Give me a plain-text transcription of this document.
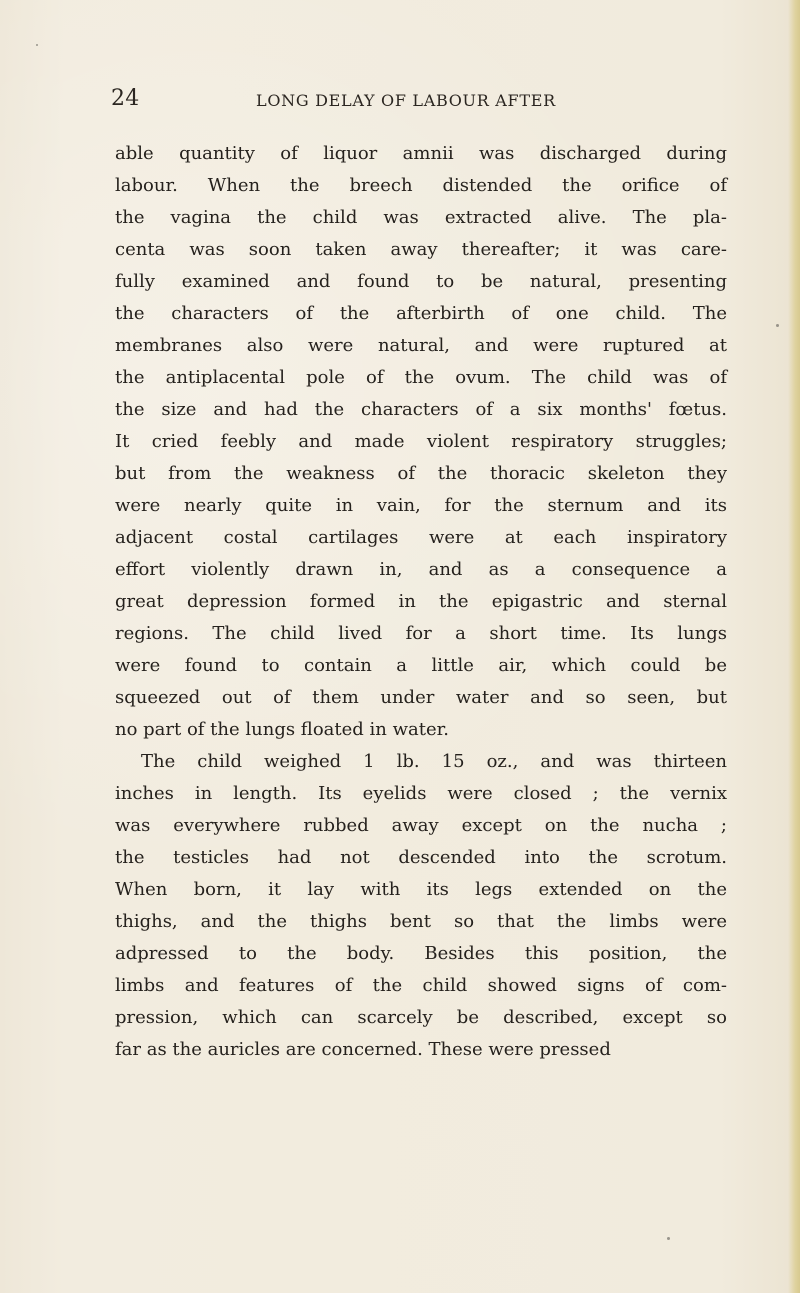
24	LONG DELAY OF LABOUR AFTER
able quantity of liquor amnii was discharged during
labour. When the breech distended the orifice of
the vagina the child was extracted alive. The pla-
centa was soon taken away thereafter; it was care-
fully examined and found to be natural, presenting
the characters of the afterbirth of one child. The
membranes also were natural, and were ruptured at
the antiplacental pole of the ovum. The child was of
the size and had the characters of a six months' fœtus.
It cried feebly and made violent respiratory struggles;
but from the weakness of the thoracic skeleton they
were nearly quite in vain, for the sternum and its
adjacent costal cartilages were at each inspiratory
effort violently drawn in, and as a consequence a
great depression formed in the epigastric and sternal
regions. The child lived for a short time. Its lungs
were found to contain a little air, which could be
squeezed out of them under water and so seen, but
no part of the lungs floated in water.
The child weighed 1 lb. 15 oz., and was thirteen
inches in length. Its eyelids were closed ; the vernix
was everywhere rubbed away except on the nucha ;
the testicles had not descended into the scrotum.
When born, it lay with its legs extended on the
thighs, and the thighs bent so that the limbs were
adpressed to the body. Besides this position, the
limbs and features of the child showed signs of com-
pression, which can scarcely be described, except so
far as the auricles are concerned. These were pressed
